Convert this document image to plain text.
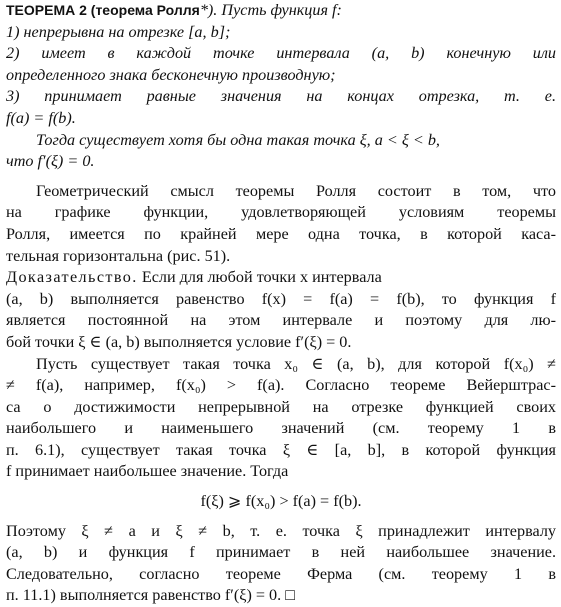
ТЕОРЕМА 2 (теорема Ролля*). Пусть функция f:
1) непрерывна на отрезке [a, b];
2) имеет в каждой точке интервала (a, b) конечную или
определенного знака бесконечную производную;
3) принимает равные значения на концах отрезка, т. е.
f(a) = f(b).
Тогда существует хотя бы одна такая точка ξ, a < ξ < b,
что f′(ξ) = 0.
Геометрический смысл теоремы Ролля состоит в том, что
на графике функции, удовлетворяющей условиям теоремы
Ролля, имеется по крайней мере одна точка, в которой каса-
тельная горизонтальна (рис. 51).
Доказательство. Если для любой точки x интервала
(a, b) выполняется равенство f(x) = f(a) = f(b), то функция f
является постоянной на этом интервале и поэтому для лю-
бой точки ξ ∈ (a, b) выполняется условие f′(ξ) = 0.
Пусть существует такая точка x₀ ∈ (a, b), для которой f(x₀) ≠
≠ f(a), например, f(x₀) > f(a). Согласно теореме Вейерштрас-
са о достижимости непрерывной на отрезке функцией своих
наибольшего и наименьшего значений (см. теорему 1 в
п. 6.1), существует такая точка ξ ∈ [a, b], в которой функция
f принимает наибольшее значение. Тогда
f(ξ) ⩾ f(x₀) > f(a) = f(b).
Поэтому ξ ≠ a и ξ ≠ b, т. е. точка ξ принадлежит интервалу
(a, b) и функция f принимает в ней наибольшее значение.
Следовательно, согласно теореме Ферма (см. теорему 1 в
п. 11.1) выполняется равенство f′(ξ) = 0. □
